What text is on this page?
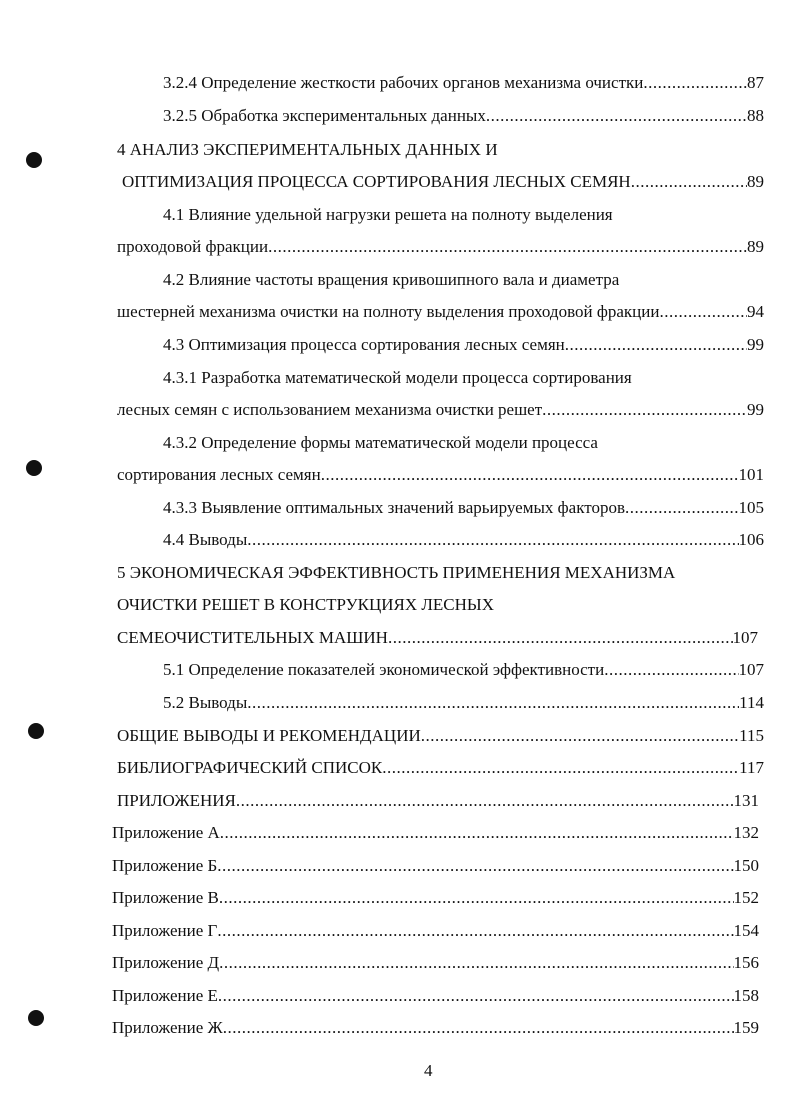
3.2.4 Определение жесткости рабочих органов механизма очистки .....	87
3.2.5 Обработка экспериментальных данных .....	88
4 АНАЛИЗ ЭКСПЕРИМЕНТАЛЬНЫХ ДАННЫХ И
ОПТИМИЗАЦИЯ ПРОЦЕССА СОРТИРОВАНИЯ ЛЕСНЫХ СЕМЯН .....	89
4.1 Влияние удельной нагрузки решета на полноту выделения
проходовой фракции .....	89
4.2 Влияние частоты вращения кривошипного вала и диаметра
шестерней механизма очистки на полноту выделения проходовой фракции .....	94
4.3 Оптимизация процесса сортирования лесных семян .....	99
4.3.1 Разработка математической модели процесса сортирования
лесных семян с использованием механизма очистки решет .....	99
4.3.2 Определение формы математической модели процесса
сортирования лесных семян .....	101
4.3.3 Выявление оптимальных значений варьируемых факторов .....	105
4.4 Выводы .....	106
5 ЭКОНОМИЧЕСКАЯ ЭФФЕКТИВНОСТЬ ПРИМЕНЕНИЯ МЕХАНИЗМА
ОЧИСТКИ РЕШЕТ В КОНСТРУКЦИЯХ ЛЕСНЫХ
СЕМЕОЧИСТИТЕЛЬНЫХ МАШИН .....	107
5.1 Определение показателей экономической эффективности .....	107
5.2 Выводы .....	114
ОБЩИЕ ВЫВОДЫ И РЕКОМЕНДАЦИИ .....	115
БИБЛИОГРАФИЧЕСКИЙ СПИСОК .....	117
ПРИЛОЖЕНИЯ .....	131
Приложение А .....	132
Приложение Б .....	150
Приложение В .....	152
Приложение Г .....	154
Приложение Д .....	156
Приложение Е .....	158
Приложение Ж .....	159
4
